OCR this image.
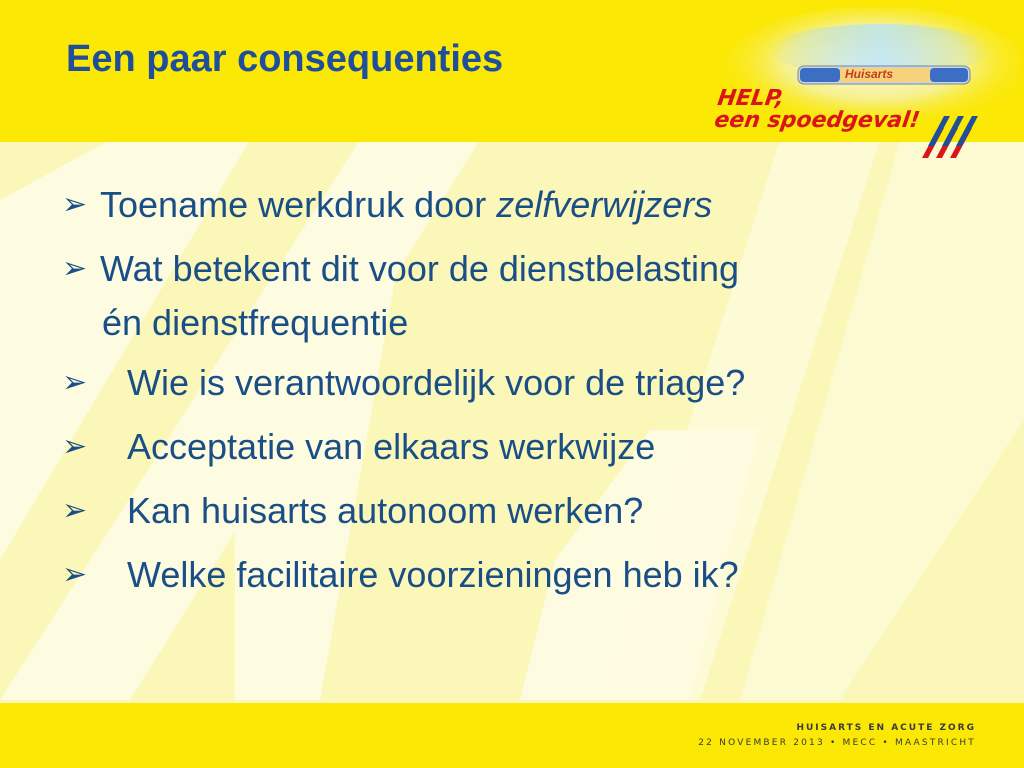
Een paar consequenties	Huisarts
HELP,
een spoedgeval!
➢ Toename werkdruk door zelfverwijzers
➢ Wat betekent dit voor de dienstbelasting
én dienstfrequentie
➢ Wie is verantwoordelijk voor de triage?
➢ Acceptatie van elkaars werkwijze
➢ Kan huisarts autonoom werken?
➢ Welke facilitaire voorzieningen heb ik?
HUISARTS EN ACUTE ZORG
22 NOVEMBER 2013 • MECC • MAASTRICHT
